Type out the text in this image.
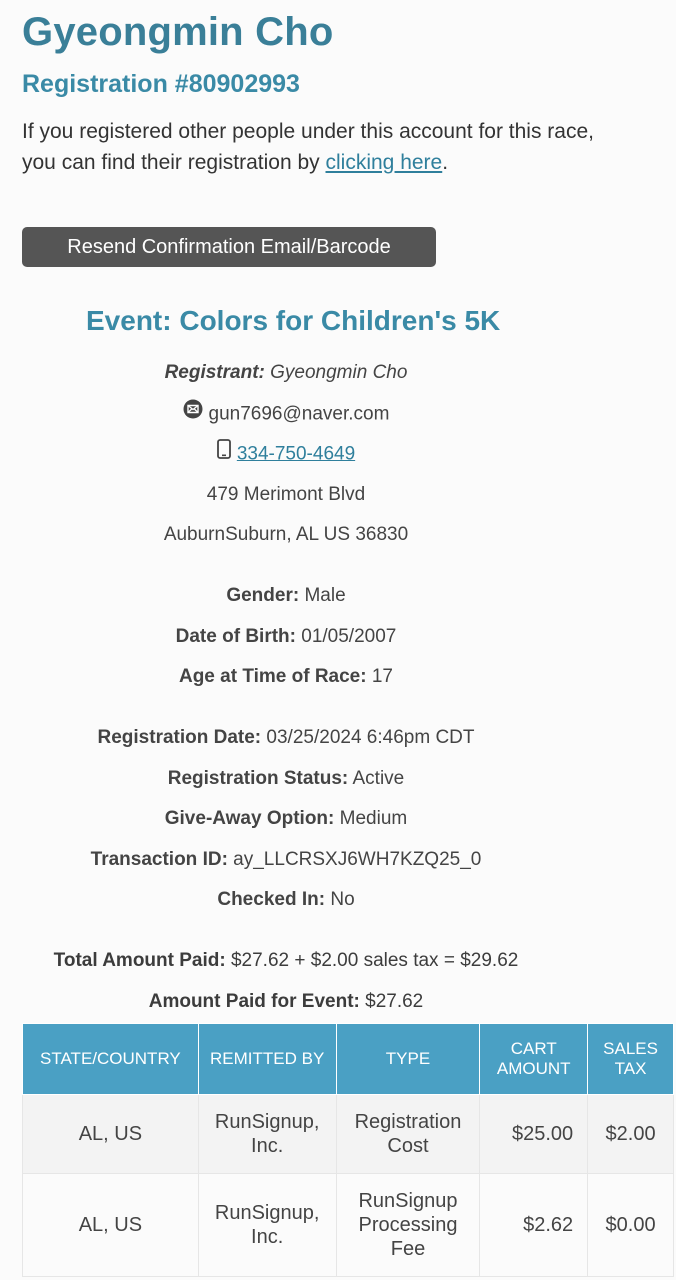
Gyeongmin Cho
Registration #80902993

If you registered other people under this account for this race, you can find their registration by clicking here.

Resend Confirmation Email/Barcode
Event: Colors for Children's 5K
Registrant: Gyeongmin Cho
gun7696@naver.com
334-750-4649
479 Merimont Blvd
AuburnSuburn, AL US 36830
Gender: Male
Date of Birth: 01/05/2007
Age at Time of Race: 17
Registration Date: 03/25/2024 6:46pm CDT
Registration Status: Active
Give-Away Option: Medium
Transaction ID: ay_LLCRSXJ6WH7KZQ25_0
Checked In: No
Total Amount Paid: $27.62 + $2.00 sales tax = $29.62
Amount Paid for Event: $27.62
STATE/COUNTRY	REMITTED BY	TYPE	CART AMOUNT	SALES TAX
AL, US	RunSignup, Inc.	Registration Cost	$25.00	$2.00
AL, US	RunSignup, Inc.	RunSignup Processing Fee	$2.62	$0.00
